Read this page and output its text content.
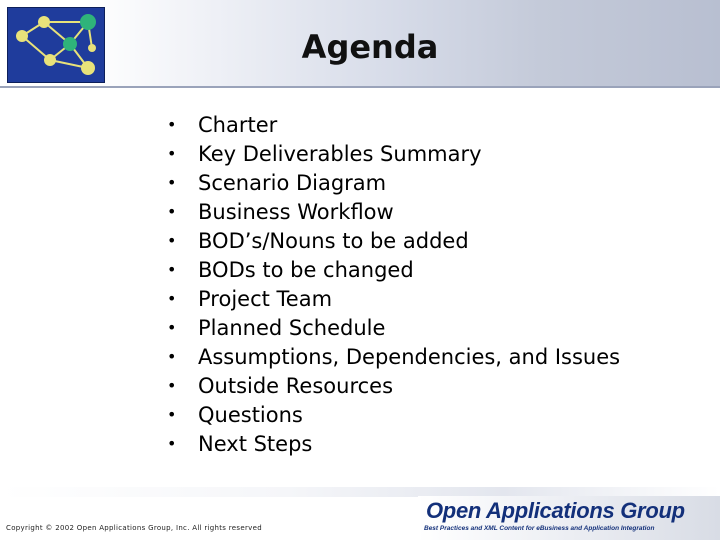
Agenda
• Charter
• Key Deliverables Summary
• Scenario Diagram
• Business Workflow
• BOD’s/Nouns to be added
• BODs to be changed
• Project Team
• Planned Schedule
• Assumptions, Dependencies, and Issues
• Outside Resources
• Questions
• Next Steps
Copyright © 2002 Open Applications Group, Inc. All rights reserved
Open Applications Group
Best Practices and XML Content for eBusiness and Application Integration
